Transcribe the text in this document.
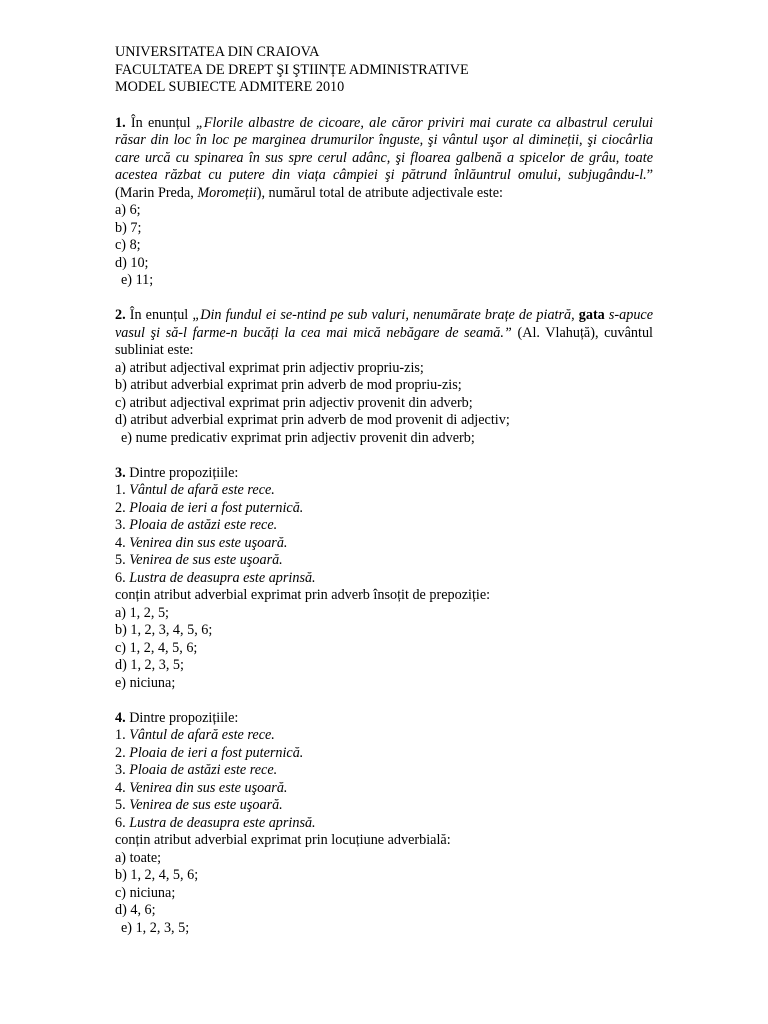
UNIVERSITATEA DIN CRAIOVA
FACULTATEA DE DREPT ŞI ŞTIINȚE ADMINISTRATIVE
MODEL SUBIECTE ADMITERE 2010
1. În enunțul „Florile albastre de cicoare, ale căror priviri mai curate ca albastrul cerului răsar din loc în loc pe marginea drumurilor înguste, şi vântul uşor al dimineții, şi ciocârlia care urcă cu spinarea în sus spre cerul adânc, şi floarea galbenă a spicelor de grâu, toate acestea răzbat cu putere din viața câmpiei şi pătrund înlăuntrul omului, subjugându-l.” (Marin Preda, Moromeții), numărul total de atribute adjectivale este:
a) 6;
b) 7;
c) 8;
d) 10;
e) 11;
2. În enunțul „Din fundul ei se-ntind pe sub valuri, nenumărate brațe de piatră, gata s-apuce vasul şi să-l farme-n bucăți la cea mai mică nebăgare de seamă.” (Al. Vlahuță), cuvântul subliniat este:
a) atribut adjectival exprimat prin adjectiv propriu-zis;
b) atribut adverbial exprimat prin adverb de mod propriu-zis;
c) atribut adjectival exprimat prin adjectiv provenit din adverb;
d) atribut adverbial exprimat prin adverb de mod provenit di adjectiv;
e) nume predicativ exprimat prin adjectiv provenit din adverb;
3. Dintre propozițiile:
1. Vântul de afară este rece.
2. Ploaia de ieri a fost puternică.
3. Ploaia de astăzi este rece.
4. Venirea din sus este uşoară.
5. Venirea de sus este uşoară.
6. Lustra de deasupra este aprinsă.
conțin atribut adverbial exprimat prin adverb însoțit de prepoziție:
a) 1, 2, 5;
b) 1, 2, 3, 4, 5, 6;
c) 1, 2, 4, 5, 6;
d) 1, 2, 3, 5;
e) niciuna;
4. Dintre propozițiile:
1. Vântul de afară este rece.
2. Ploaia de ieri a fost puternică.
3. Ploaia de astăzi este rece.
4. Venirea din sus este uşoară.
5. Venirea de sus este uşoară.
6. Lustra de deasupra este aprinsă.
conțin atribut adverbial exprimat prin locuțiune adverbială:
a) toate;
b) 1, 2, 4, 5, 6;
c) niciuna;
d) 4, 6;
e) 1, 2, 3, 5;
